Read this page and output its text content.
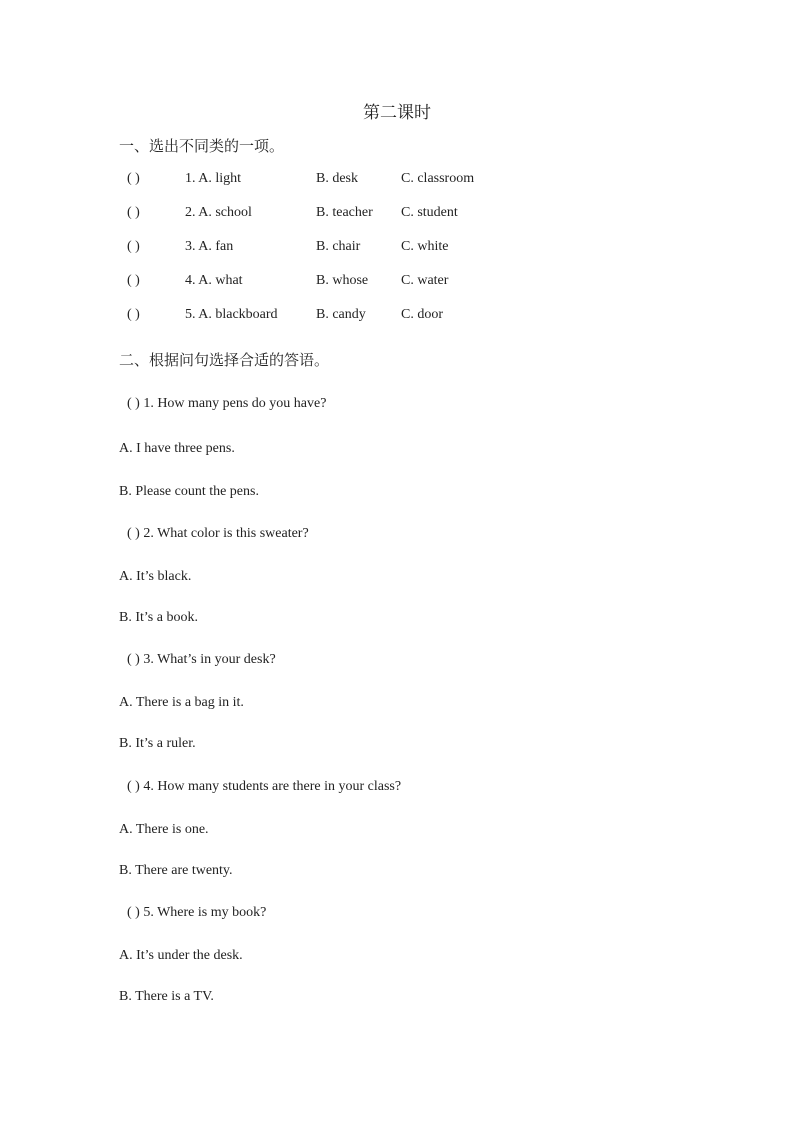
第二课时
一、选出不同类的一项。
( )	1. A. light	B. desk	C. classroom
( )	2. A. school	B. teacher C. student
( )	3. A. fan	B. chair	C. white
( )	4. A. what	B. whose C. water
( )	5. A. blackboard	B. candy	C. door
二、根据问句选择合适的答语。
( ) 1. How many pens do you have?
A. I have three pens.
B. Please count the pens.
( ) 2. What color is this sweater?
A. It’s black.
B. It’s a book.
( ) 3. What’s in your desk?
A. There is a bag in it.
B. It’s a ruler.
( ) 4. How many students are there in your class?
A. There is one.
B. There are twenty.
( ) 5. Where is my book?
A. It’s under the desk.
B. There is a TV.
